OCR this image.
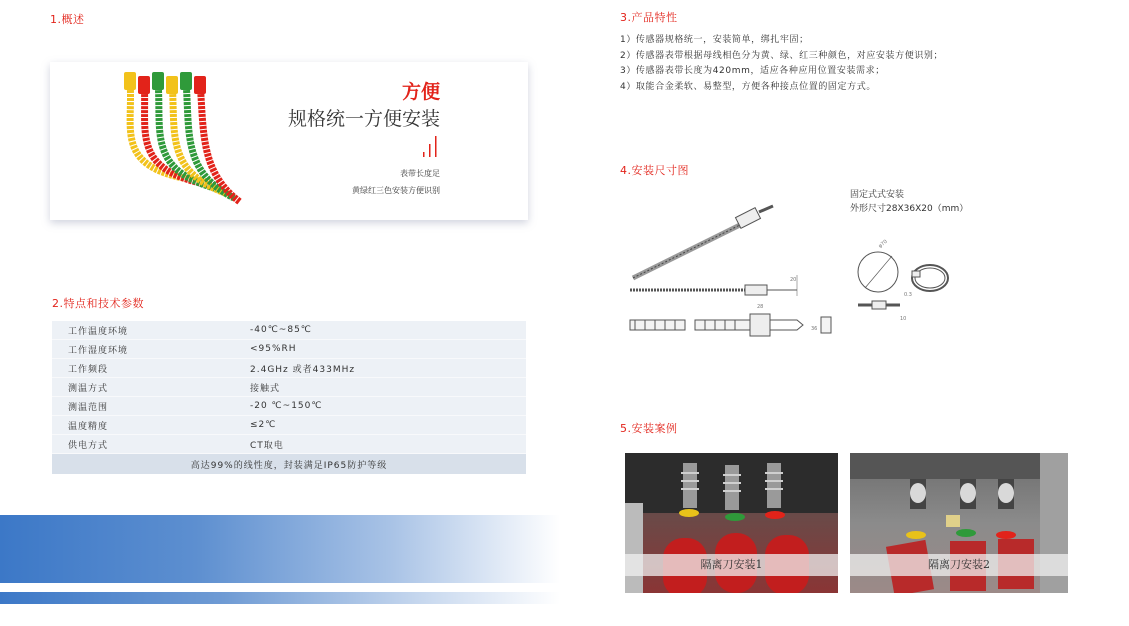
1.概述
2.特点和技术参数
3.产品特性
4.安装尺寸图
5.安装案例
方便
规格统一方便安装
表带长度足
黄绿红三色安装方便识别
工作温度环境	-40℃~85℃
工作湿度环境	<95%RH
工作频段	2.4GHz 或者433MHz
测温方式	接触式
测温范围	-20 ℃~150℃
温度精度	≤2℃
供电方式	CT取电
高达99%的线性度，封装满足IP65防护等级
1）传感器规格统一，安装简单，绑扎牢固；
2）传感器表带根据母线相色分为黄、绿、红三种颜色，对应安装方便识别；
3）传感器表带长度为420mm，适应各种应用位置安装需求；
4）取能合金柔软、易整型，方便各种接点位置的固定方式。
20
28
36
φ70
0.3
10
固定式式安装
外形尺寸28X36X20（mm）
隔离刀安装1	隔离刀安装2
